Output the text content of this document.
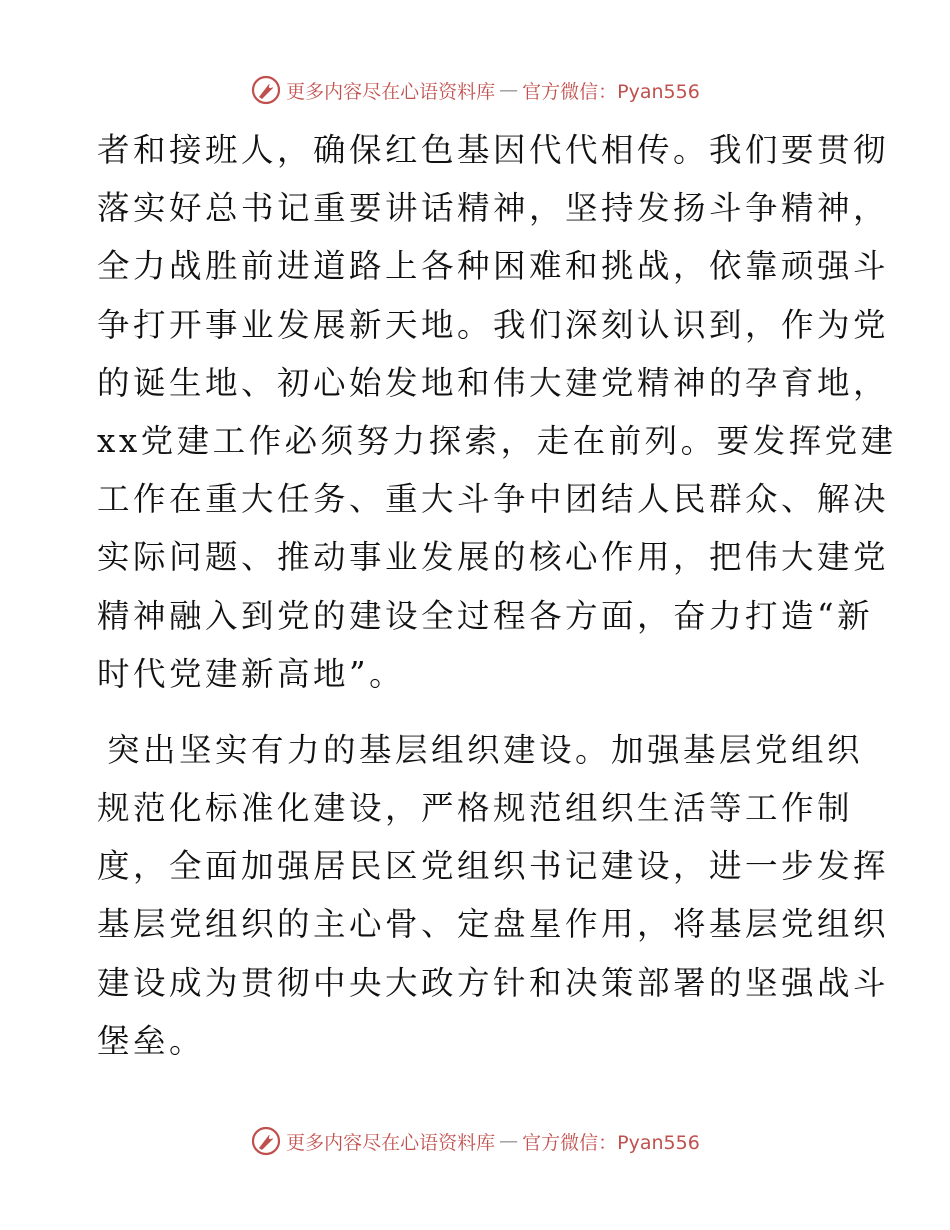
更多内容尽在心语资料库 — 官方微信：Pyan556

者和接班人，确保红色基因代代相传。我们要贯彻

落实好总书记重要讲话精神，坚持发扬斗争精神，

全力战胜前进道路上各种困难和挑战，依靠顽强斗

争打开事业发展新天地。我们深刻认识到，作为党

的诞生地、初心始发地和伟大建党精神的孕育地，

xx党建工作必须努力探索，走在前列。要发挥党建

工作在重大任务、重大斗争中团结人民群众、解决

实际问题、推动事业发展的核心作用，把伟大建党

精神融入到党的建设全过程各方面，奋力打造“新

时代党建新高地”。

突出坚实有力的基层组织建设。加强基层党组织

规范化标准化建设，严格规范组织生活等工作制

度，全面加强居民区党组织书记建设，进一步发挥

基层党组织的主心骨、定盘星作用，将基层党组织

建设成为贯彻中央大政方针和决策部署的坚强战斗

堡垒。

更多内容尽在心语资料库 — 官方微信：Pyan556
